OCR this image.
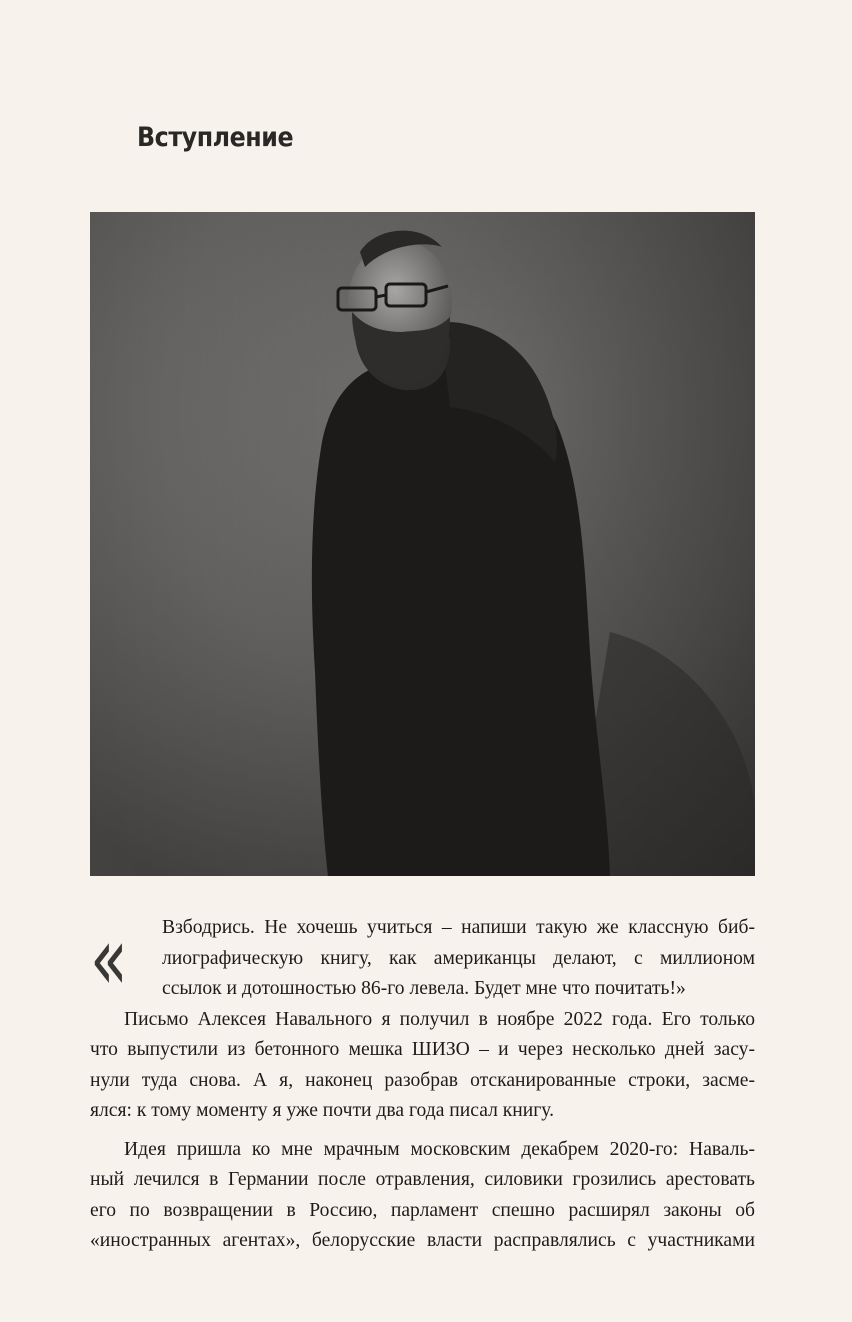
Вступление
« Взбодрись. Не хочешь учиться – напиши такую же классную биб-
лиографическую книгу, как американцы делают, с миллионом
ссылок и дотошностью 86-го левела. Будет мне что почитать!»

Письмо Алексея Навального я получил в ноябре 2022 года. Его только
что выпустили из бетонного мешка ШИЗО – и через несколько дней засу-
нули туда снова. А я, наконец разобрав отсканированные строки, засме-
ялся: к тому моменту я уже почти два года писал книгу.

Идея пришла ко мне мрачным московским декабрем 2020-го: Наваль-
ный лечился в Германии после отравления, силовики грозились арестовать
его по возвращении в Россию, парламент спешно расширял законы об
«иностранных агентах», белорусские власти расправлялись с участниками
